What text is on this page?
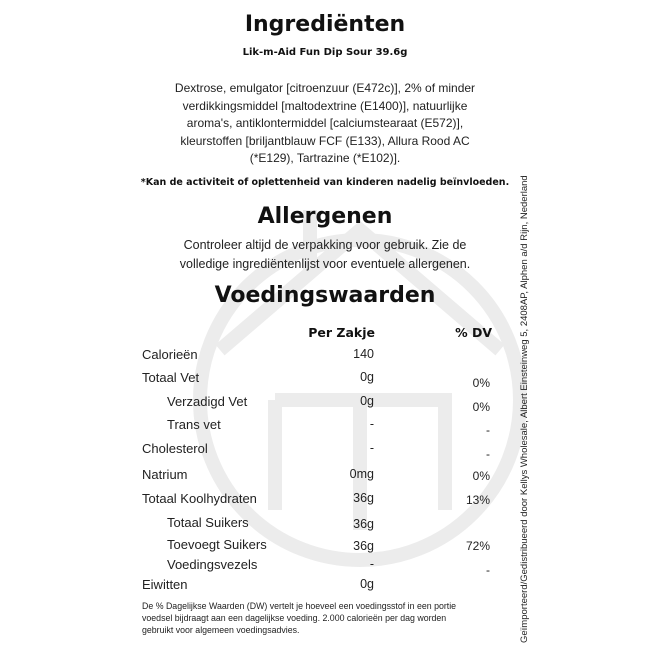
Ingrediënten
Lik-m-Aid Fun Dip Sour 39.6g
Dextrose, emulgator [citroenzuur (E472c)], 2% of minder
verdikkingsmiddel [maltodextrine (E1400)], natuurlijke
aroma's, antiklontermiddel [calciumstearaat (E572)],
kleurstoffen [briljantblauw FCF (E133), Allura Rood AC
(*E129), Tartrazine (*E102)].
*Kan de activiteit of oplettenheid van kinderen nadelig beïnvloeden.
Allergenen
Controleer altijd de verpakking voor gebruik. Zie de
volledige ingrediëntenlijst voor eventuele allergenen.
Voedingswaarden
Per Zakje	% DV
Calorieën	140
Totaal Vet	0g	0%
Verzadigd Vet	0g	0%
Trans vet	-	-
Cholesterol	-	-
Natrium	0mg	0%
Totaal Koolhydraten	36g	13%
Totaal Suikers	36g
Toevoegt Suikers	36g	72%
Voedingsvezels	-	-
Eiwitten	0g
De % Dagelijkse Waarden (DW) vertelt je hoeveel een voedingsstof in een portie
voedsel bijdraagt aan een dagelijkse voeding. 2.000 calorieën per dag worden
gebruikt voor algemeen voedingsadvies.	Geïmporteerd/Gedistribueerd door Kellys Wholesale, Albert Einsteinweg 5, 2408AP, Alphen a/d Rijn, Nederland
